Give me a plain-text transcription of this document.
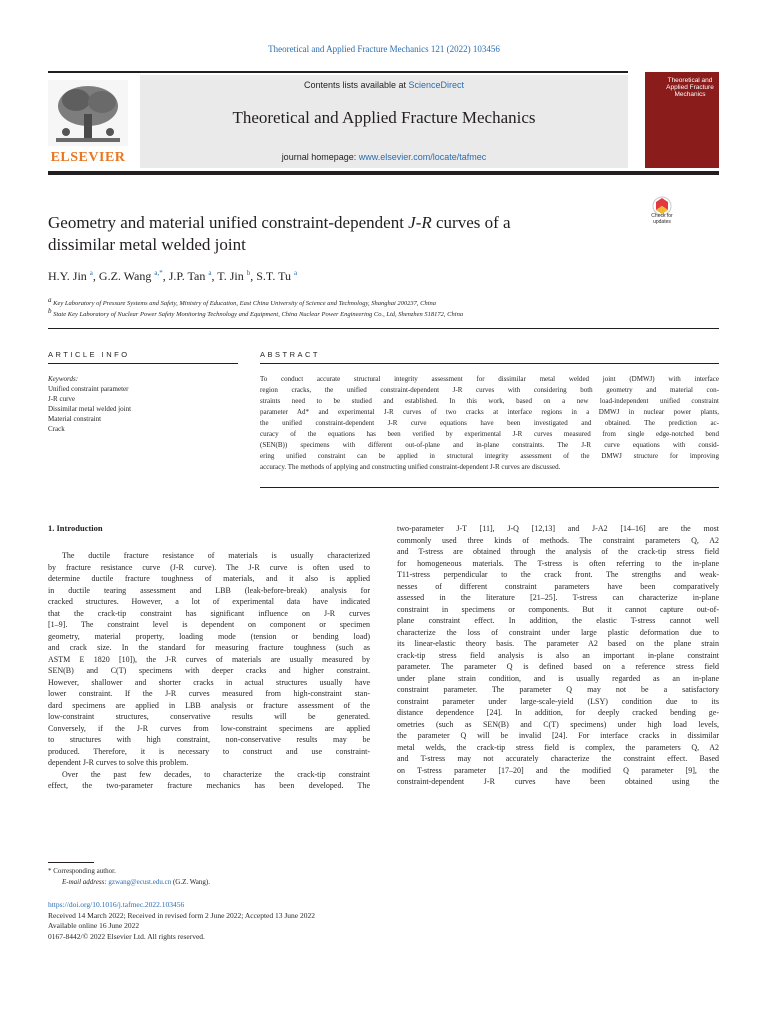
Theoretical and Applied Fracture Mechanics 121 (2022) 103456
Contents lists available at ScienceDirect
Theoretical and Applied Fracture Mechanics
journal homepage: www.elsevier.com/locate/tafmec
ELSEVIER
Theoretical and Applied Fracture Mechanics
Check for updates
Geometry and material unified constraint-dependent J-R curves of a
dissimilar metal welded joint
H.Y. Jin $^a$, G.Z. Wang $^{a,*}$, J.P. Tan $^a$, T. Jin $^b$, S.T. Tu $^a$
a Key Laboratory of Pressure Systems and Safety, Ministry of Education, East China University of Science and Technology, Shanghai 200237, China
b State Key Laboratory of Nuclear Power Safety Monitoring Technology and Equipment, China Nuclear Power Engineering Co., Ltd, Shenzhen 518172, China
ARTICLE INFO	ABSTRACT
Keywords:
Unified constraint parameter
J-R curve
Dissimilar metal welded joint
Material constraint
Crack
To conduct accurate structural integrity assessment for dissimilar metal welded joint (DMWJ) with interface
region cracks, the unified constraint-dependent J-R curves with considering both geometry and material con-
straints need to be studied and established. In this work, based on a new load-independent unified constraint
parameter Ad* and experimental J-R curves of two cracks at interface regions in a DMWJ in nuclear power plants,
the unified constraint-dependent J-R curve equations have been investigated and obtained. The prediction ac-
curacy of the equations has been verified by experimental J-R curves measured from single edge-notched bend
(SEN(B)) specimens with different out-of-plane and in-plane constraints. The J-R curve equations with consid-
ering unified constraint can be applied in structural integrity assessment of the DMWJ structure for improving
accuracy. The methods of applying and constructing unified constraint-dependent J-R curves are discussed.
1. Introduction

The ductile fracture resistance of materials is usually characterized

by fracture resistance curve (J-R curve). The J-R curve is often used to

determine ductile fracture toughness of materials, and it also is applied

in ductile tearing assessment and LBB (leak-before-break) analysis for

cracked structures. However, a lot of experimental data have indicated

that the crack-tip constraint has significant influence on J-R curves

[1–9]. The constraint level is dependent on component or specimen

geometry, material property, loading mode (tension or bending load)

and crack size. In the standard for measuring fracture toughness (such as

ASTM E 1820 [10]), the J-R curves of materials are usually measured by

SEN(B) and C(T) specimens with deeper cracks and higher constraint.

However, shallower and shorter cracks in actual structures usually have

lower constraint. If the J-R curves measured from high-constraint stan-

dard specimens are applied in LBB analysis or fracture assessment of the

low-constraint structures, conservative results will be generated.

Conversely, if the J-R curves from low-constraint specimens are applied

to structures with high constraint, non-conservative results may be

produced. Therefore, it is necessary to construct and use constraint-

dependent J-R curves to solve this problem.

Over the past few decades, to characterize the crack-tip constraint

effect, the two-parameter fracture mechanics has been developed. The

two-parameter J-T [11], J-Q [12,13] and J-A2 [14–16] are the most

commonly used three kinds of methods. The constraint parameters Q, A2

and T-stress are obtained through the analysis of the crack-tip stress field

for homogeneous materials. The T-stress is often referring to the in-plane

T11-stress perpendicular to the crack front. The strengths and weak-

nesses of different constraint parameters have been comparatively

assessed in the literature [21–25]. T-stress can characterize in-plane

constraint in specimens or components. But it cannot capture out-of-

plane constraint effect. In addition, the elastic T-stress cannot well

characterize the loss of constraint under large plastic deformation due to

its linear-elastic theory basis. The parameter A2 based on the plane strain

crack-tip stress field analysis is also an important in-plane constraint

parameter. The parameter Q is defined based on a reference stress field

under plane strain condition, and is usually regarded as an in-plane

constraint parameter. The parameter Q may not be a satisfactory

constraint parameter under large-scale-yield (LSY) condition due to its

distance dependence [24]. In addition, for deeply cracked bending ge-

ometries (such as SEN(B) and C(T) specimens) under high load levels,

the parameter Q will be invalid [24]. For interface cracks in dissimilar

metal welds, the crack-tip stress field is complex, the parameters Q, A2

and T-stress may not accurately characterize the constraint effect. Based

on T-stress parameter [17–20] and the modified Q parameter [9], the

constraint-dependent J-R curves have been obtained using the

* Corresponding author.
E-mail address: gzwang@ecust.edu.cn (G.Z. Wang).
https://doi.org/10.1016/j.tafmec.2022.103456
Received 14 March 2022; Received in revised form 2 June 2022; Accepted 13 June 2022
Available online 16 June 2022
0167-8442/© 2022 Elsevier Ltd. All rights reserved.
